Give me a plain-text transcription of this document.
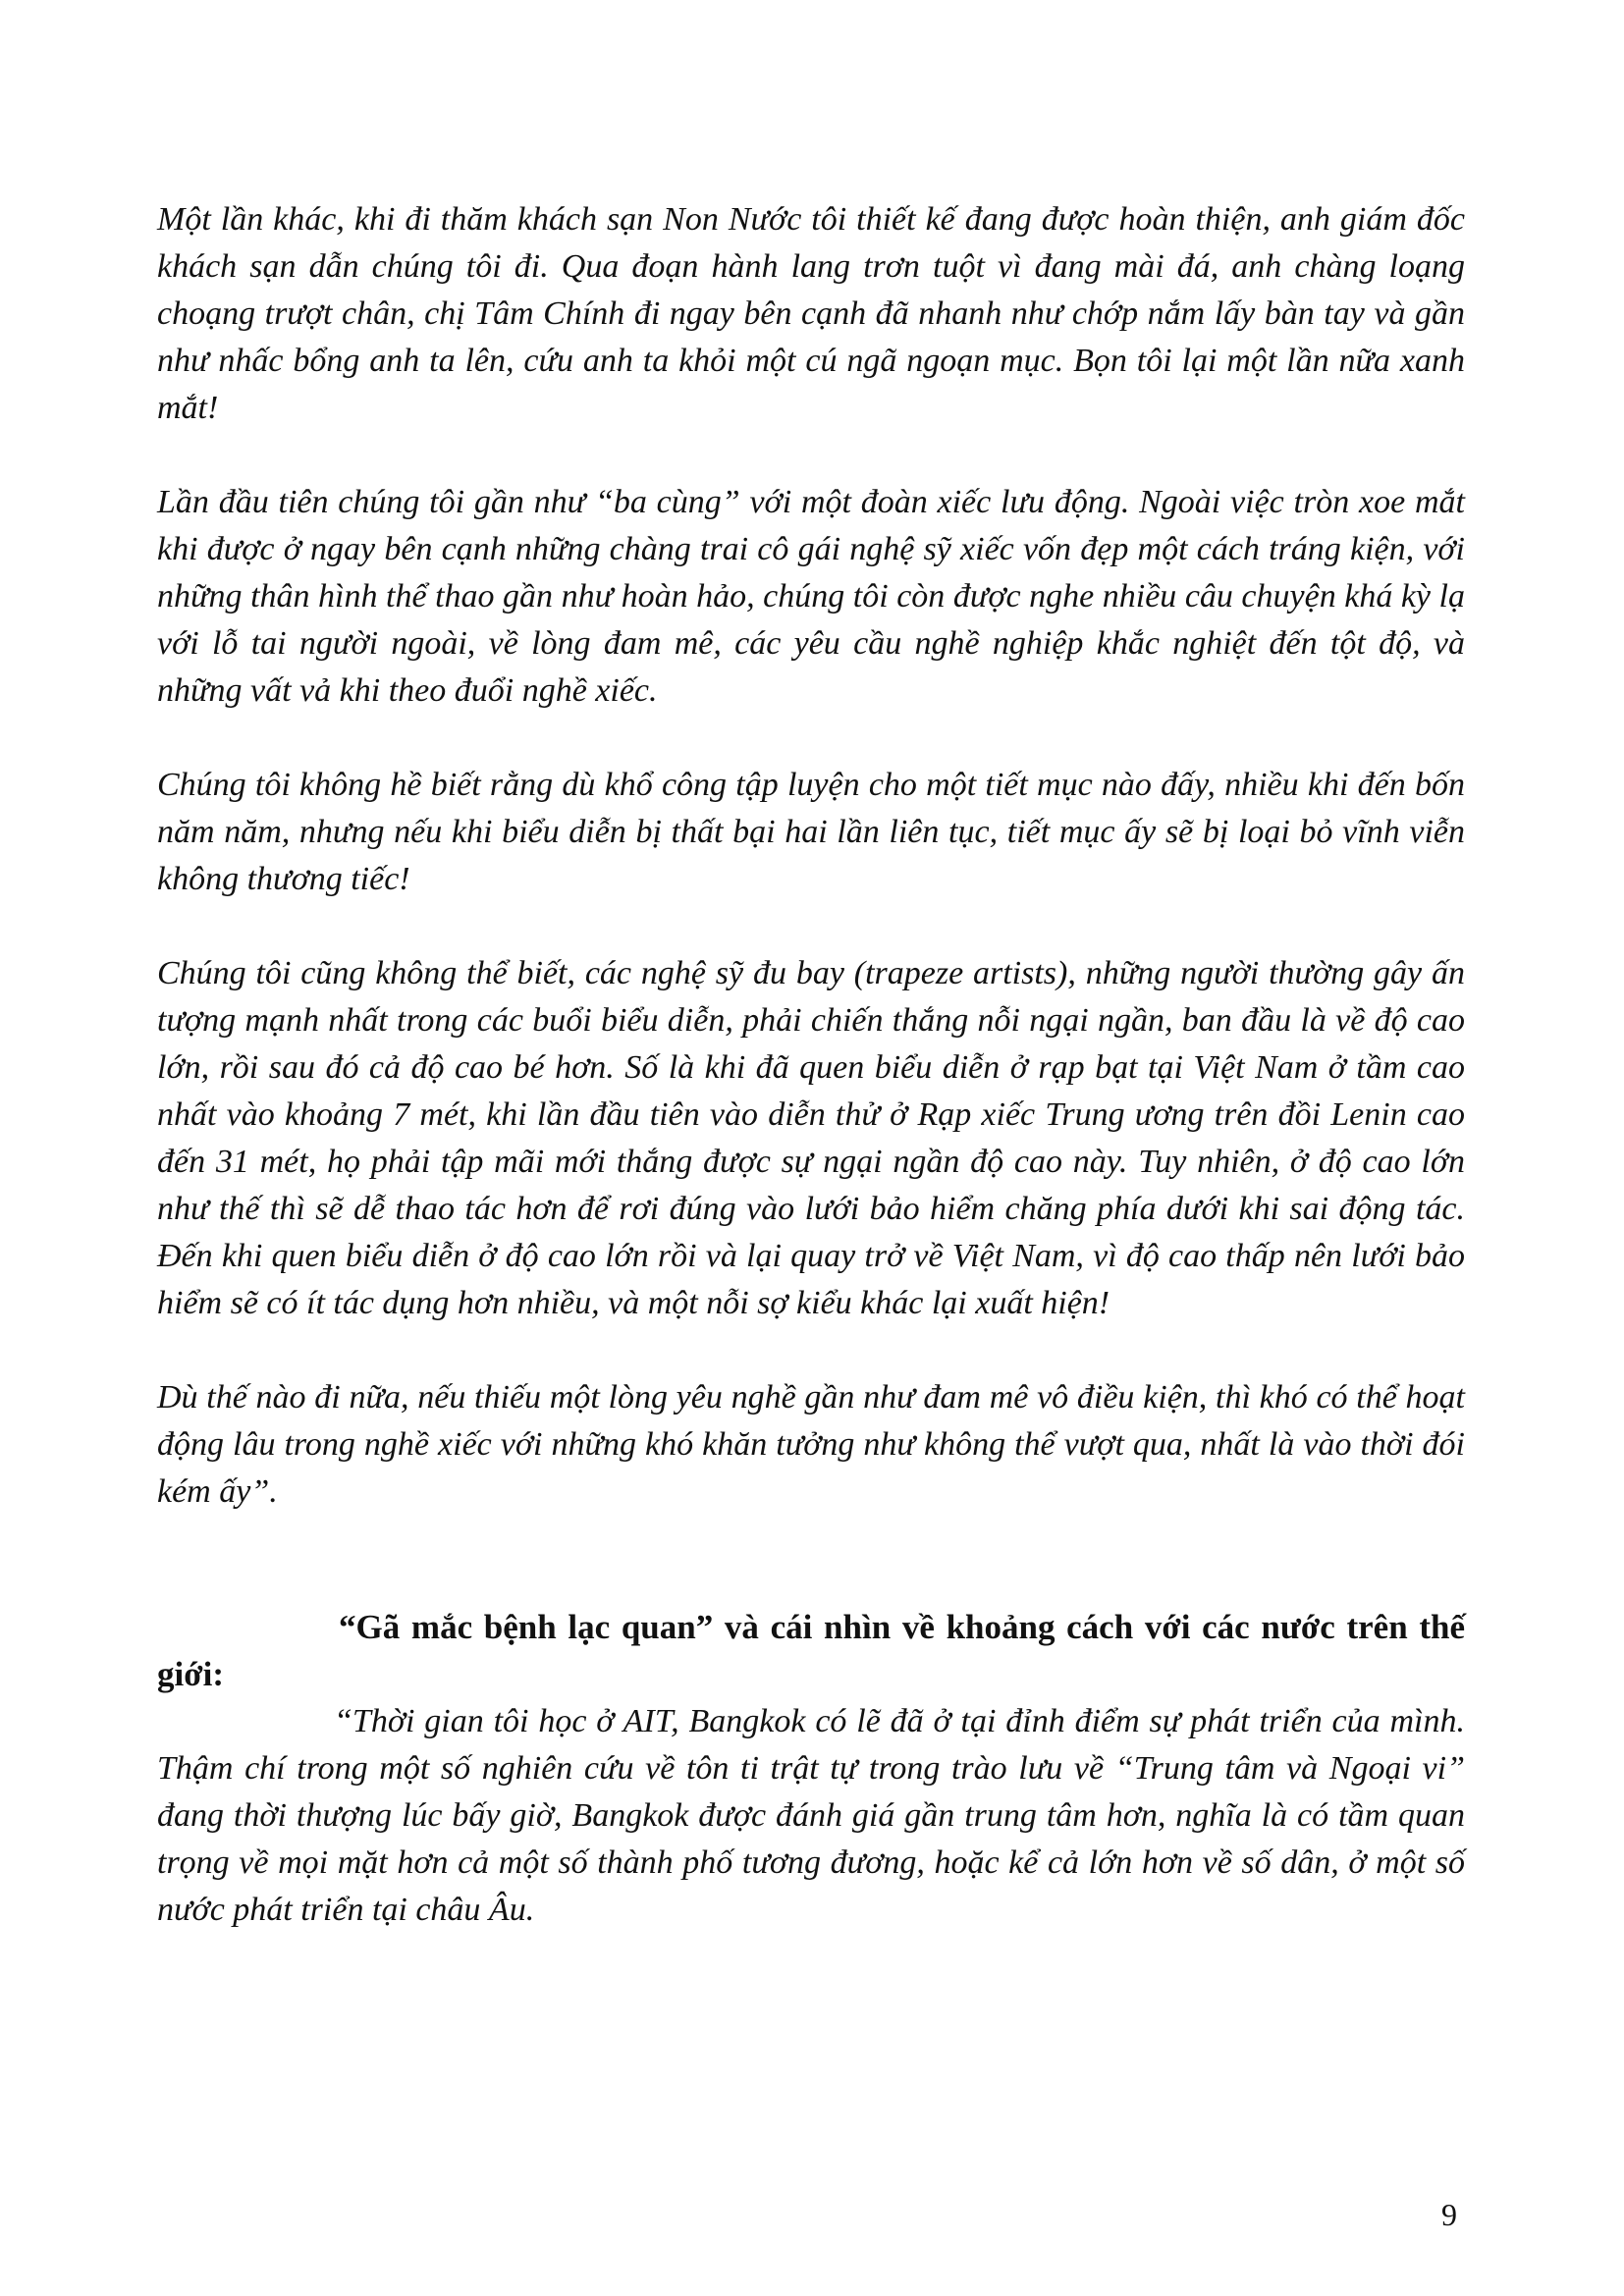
Một lần khác, khi đi thăm khách sạn Non Nước tôi thiết kế đang được hoàn thiện, anh giám đốc khách sạn dẫn chúng tôi đi. Qua đoạn hành lang trơn tuột vì đang mài đá, anh chàng loạng choạng trượt chân, chị Tâm Chính đi ngay bên cạnh đã nhanh như chớp nắm lấy bàn tay và gần như nhấc bổng anh ta lên, cứu anh ta khỏi một cú ngã ngoạn mục. Bọn tôi lại một lần nữa xanh mắt!

Lần đầu tiên chúng tôi gần như “ba cùng” với một đoàn xiếc lưu động. Ngoài việc tròn xoe mắt khi được ở ngay bên cạnh những chàng trai cô gái nghệ sỹ xiếc vốn đẹp một cách tráng kiện, với những thân hình thể thao gần như hoàn hảo, chúng tôi còn được nghe nhiều câu chuyện khá kỳ lạ với lỗ tai người ngoài, về lòng đam mê, các yêu cầu nghề nghiệp khắc nghiệt đến tột độ, và những vất vả khi theo đuổi nghề xiếc.

Chúng tôi không hề biết rằng dù khổ công tập luyện cho một tiết mục nào đấy, nhiều khi đến bốn năm năm, nhưng nếu khi biểu diễn bị thất bại hai lần liên tục, tiết mục ấy sẽ bị loại bỏ vĩnh viễn không thương tiếc!

Chúng tôi cũng không thể biết, các nghệ sỹ đu bay (trapeze artists), những người thường gây ấn tượng mạnh nhất trong các buổi biểu diễn, phải chiến thắng nỗi ngại ngần, ban đầu là về độ cao lớn, rồi sau đó cả độ cao bé hơn. Số là khi đã quen biểu diễn ở rạp bạt tại Việt Nam ở tầm cao nhất vào khoảng 7 mét, khi lần đầu tiên vào diễn thử ở Rạp xiếc Trung ương trên đồi Lenin cao đến 31 mét, họ phải tập mãi mới thắng được sự ngại ngần độ cao này. Tuy nhiên, ở độ cao lớn như thế thì sẽ dễ thao tác hơn để rơi đúng vào lưới bảo hiểm chăng phía dưới khi sai động tác. Đến khi quen biểu diễn ở độ cao lớn rồi và lại quay trở về Việt Nam, vì độ cao thấp nên lưới bảo hiểm sẽ có ít tác dụng hơn nhiều, và một nỗi sợ kiểu khác lại xuất hiện!

Dù thế nào đi nữa, nếu thiếu một lòng yêu nghề gần như đam mê vô điều kiện, thì khó có thể hoạt động lâu trong nghề xiếc với những khó khăn tưởng như không thể vượt qua, nhất là vào thời đói kém ấy”.

“Gã mắc bệnh lạc quan” và cái nhìn về khoảng cách với các nước trên thế giới:

“Thời gian tôi học ở AIT, Bangkok có lẽ đã ở tại đỉnh điểm sự phát triển của mình. Thậm chí trong một số nghiên cứu về tôn ti trật tự trong trào lưu về “Trung tâm và Ngoại vi” đang thời thượng lúc bấy giờ, Bangkok được đánh giá gần trung tâm hơn, nghĩa là có tầm quan trọng về mọi mặt hơn cả một số thành phố tương đương, hoặc kể cả lớn hơn về số dân, ở một số nước phát triển tại châu Âu.

9
